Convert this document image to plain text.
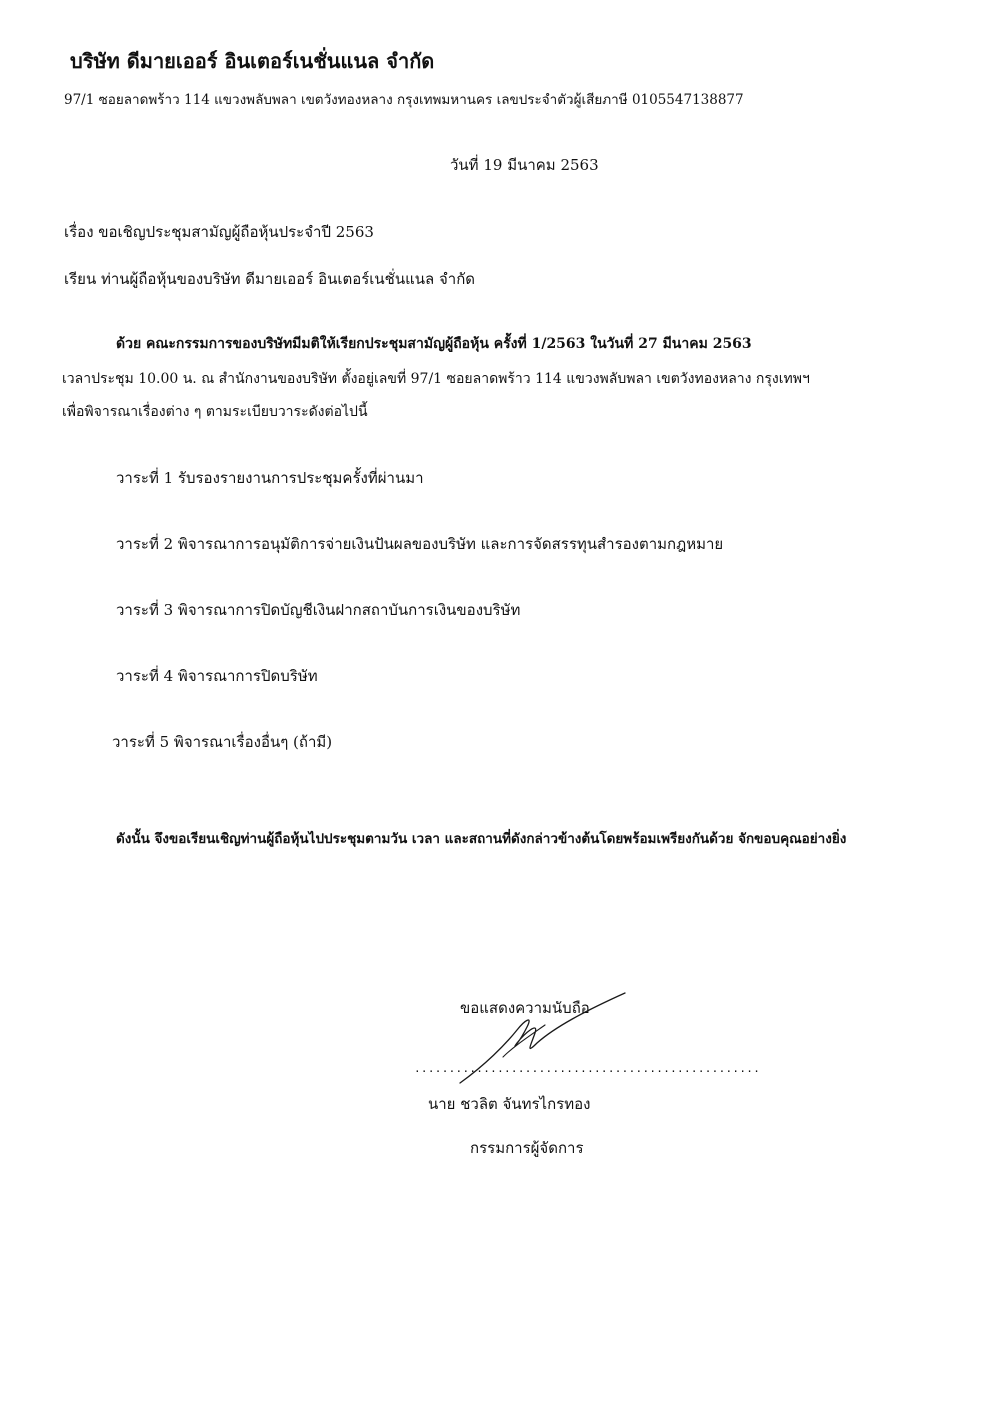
บริษัท ดีมายเออร์ อินเตอร์เนชั่นแนล จำกัด
97/1 ซอยลาดพร้าว 114 แขวงพลับพลา เขตวังทองหลาง กรุงเทพมหานคร เลขประจำตัวผู้เสียภาษี 0105547138877
วันที่ 19 มีนาคม 2563
เรื่อง ขอเชิญประชุมสามัญผู้ถือหุ้นประจำปี 2563
เรียน ท่านผู้ถือหุ้นของบริษัท ดีมายเออร์ อินเตอร์เนชั่นแนล จำกัด
ด้วย คณะกรรมการของบริษัทมีมติให้เรียกประชุมสามัญผู้ถือหุ้น ครั้งที่ 1/2563 ในวันที่ 27 มีนาคม 2563
เวลาประชุม 10.00 น. ณ สำนักงานของบริษัท ตั้งอยู่เลขที่ 97/1 ซอยลาดพร้าว 114 แขวงพลับพลา เขตวังทองหลาง กรุงเทพฯ
เพื่อพิจารณาเรื่องต่าง ๆ ตามระเบียบวาระดังต่อไปนี้
วาระที่ 1 รับรองรายงานการประชุมครั้งที่ผ่านมา
วาระที่ 2 พิจารณาการอนุมัติการจ่ายเงินปันผลของบริษัท และการจัดสรรทุนสำรองตามกฎหมาย
วาระที่ 3 พิจารณาการปิดบัญชีเงินฝากสถาบันการเงินของบริษัท
วาระที่ 4 พิจารณาการปิดบริษัท
วาระที่ 5 พิจารณาเรื่องอื่นๆ (ถ้ามี)
ดังนั้น จึงขอเรียนเชิญท่านผู้ถือหุ้นไปประชุมตามวัน เวลา และสถานที่ดังกล่าวข้างต้นโดยพร้อมเพรียงกันด้วย จักขอบคุณอย่างยิ่ง
ขอแสดงความนับถือ
..................................................
นาย ชวลิต จันทรไกรทอง
กรรมการผู้จัดการ
